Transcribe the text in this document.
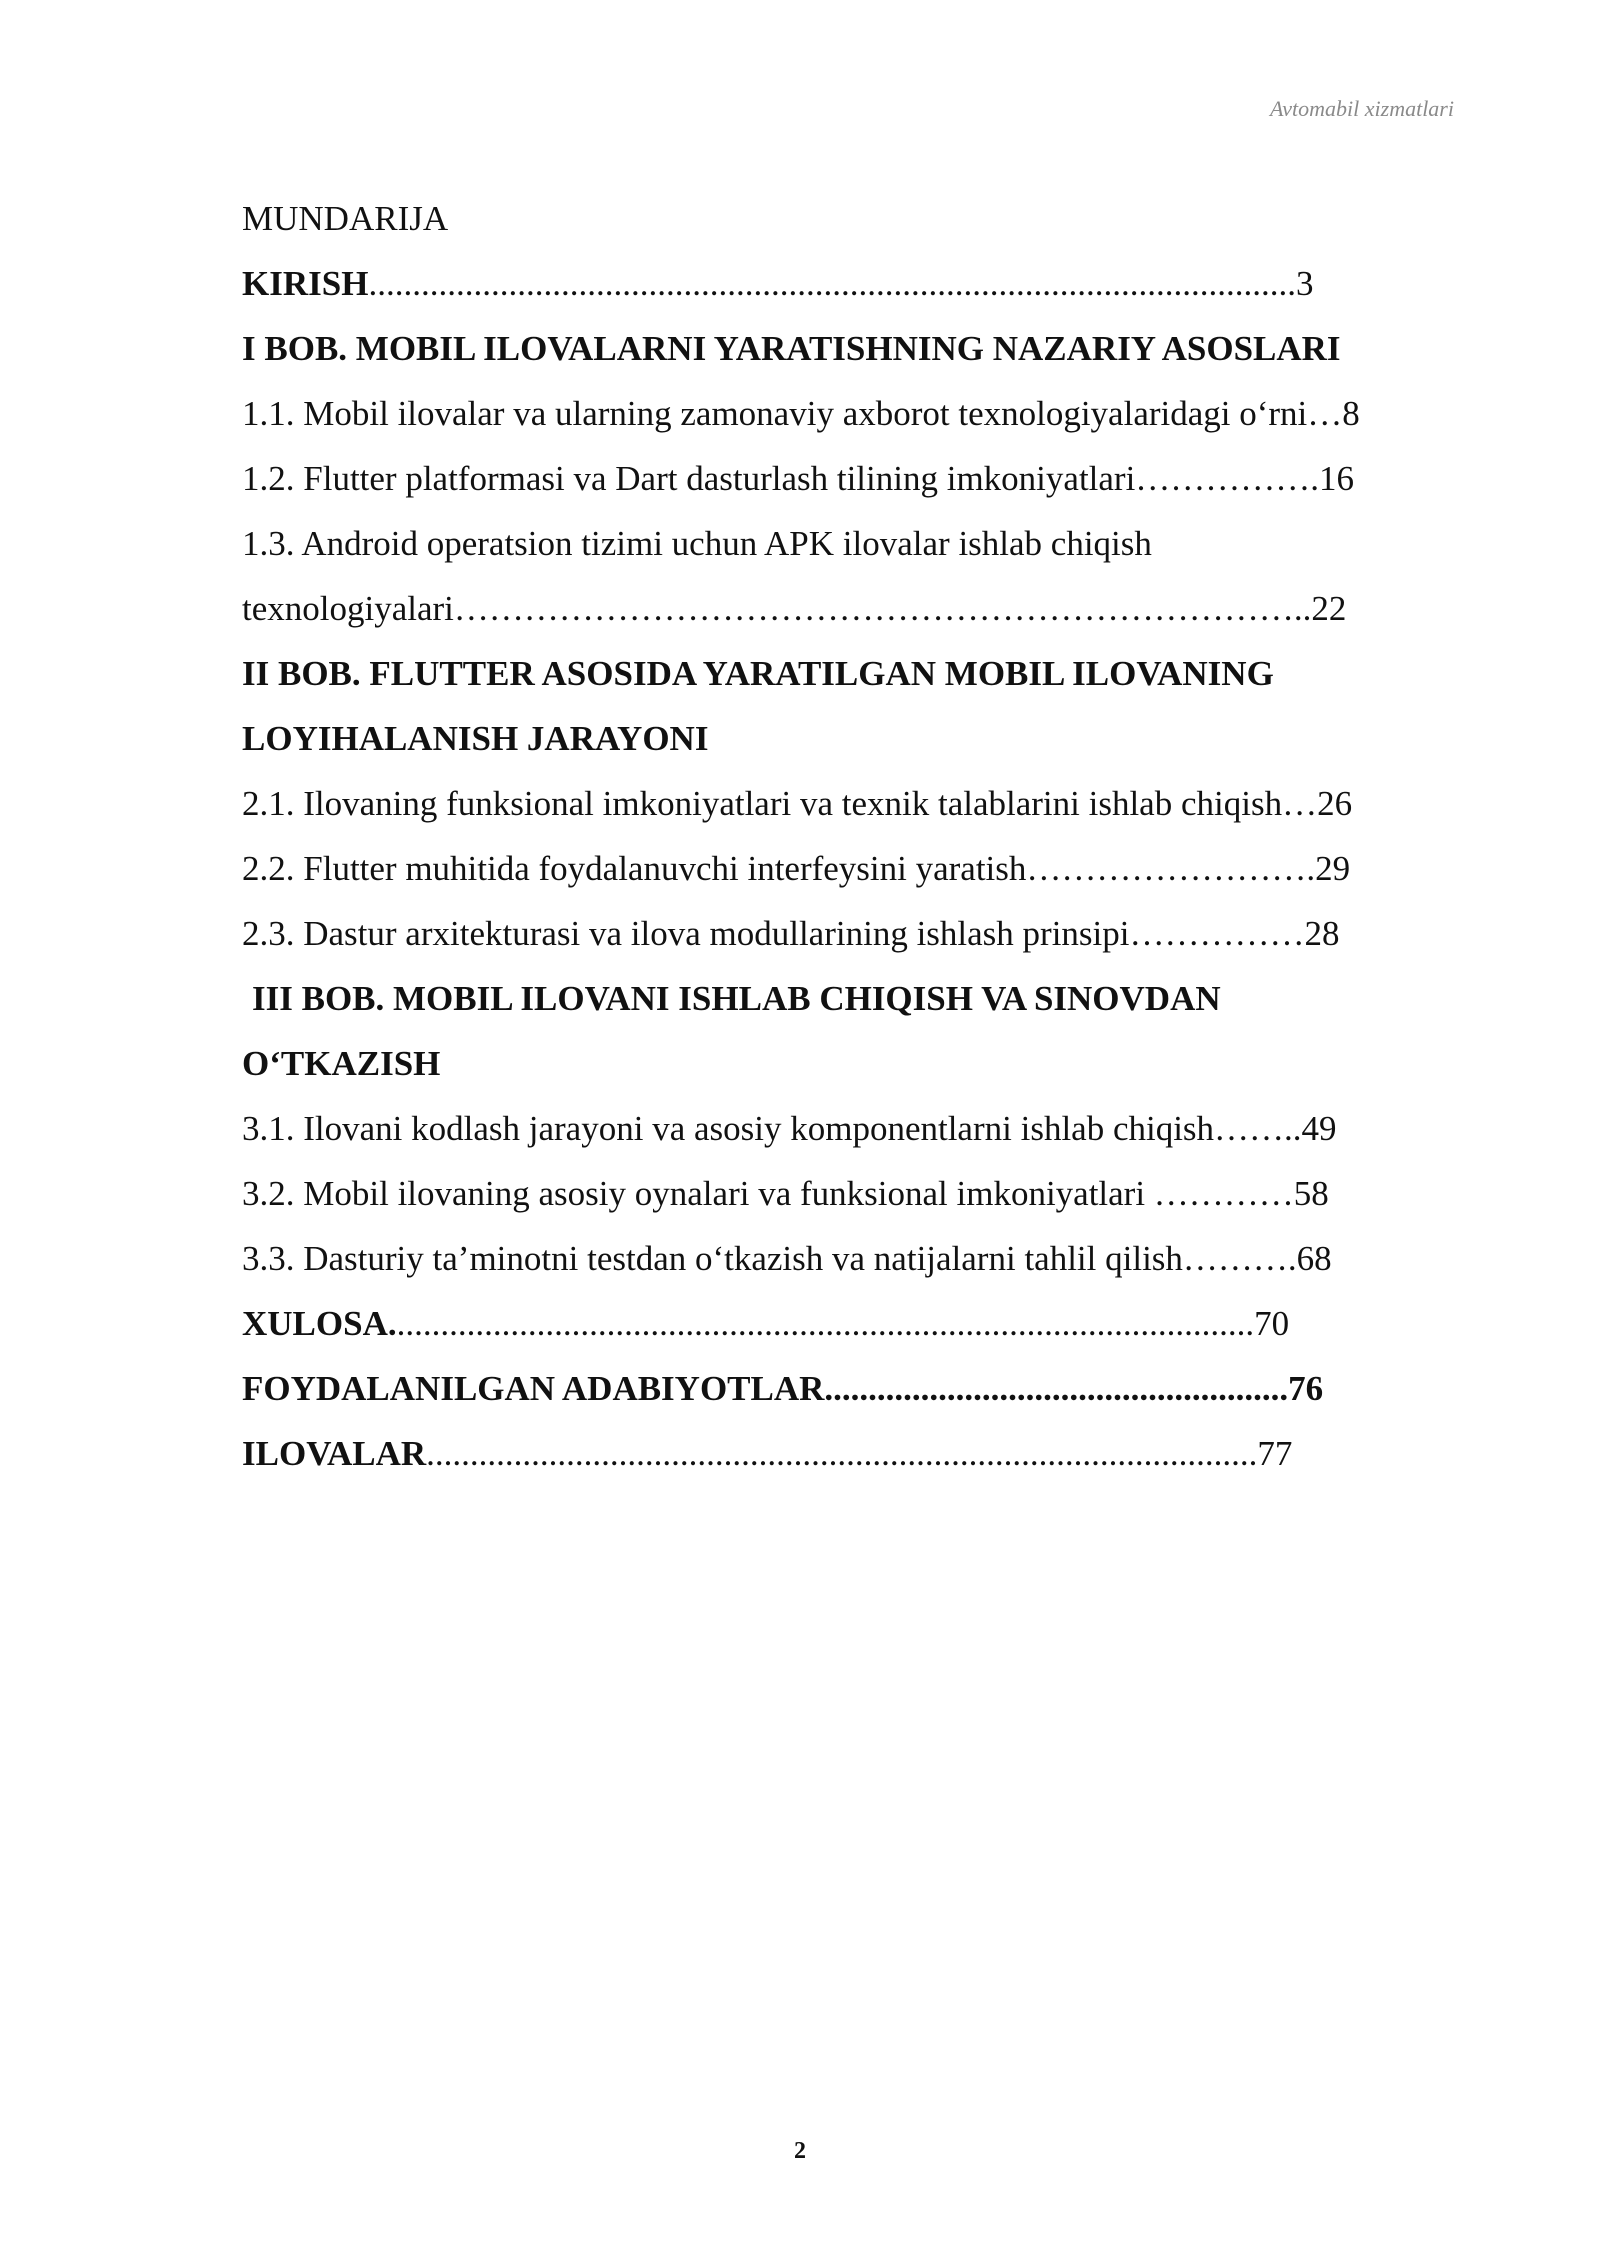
Avtomabil xizmatlari
MUNDARIJA
KIRISH..........................................................................................................3
I BOB. MOBIL ILOVALARNI YARATISHNING NAZARIY ASOSLARI
1.1. Mobil ilovalar va ularning zamonaviy axborot texnologiyalaridagi o‘rni…8
1.2. Flutter platformasi va Dart dasturlash tilining imkoniyatlari…………….16
1.3. Android operatsion tizimi uchun APK ilovalar ishlab chiqish
texnologiyalari………………………………………………………………..22
II BOB. FLUTTER ASOSIDA YARATILGAN MOBIL ILOVANING
LOYIHALANISH JARAYONI
2.1. Ilovaning funksional imkoniyatlari va texnik talablarini ishlab chiqish…26
2.2. Flutter muhitida foydalanuvchi interfeysini yaratish…………………….29
2.3. Dastur arxitekturasi va ilova modullarining ishlash prinsipi……………28
III BOB. MOBIL ILOVANI ISHLAB CHIQISH VA SINOVDAN
O‘TKAZISH
3.1. Ilovani kodlash jarayoni va asosiy komponentlarni ishlab chiqish……..49
3.2. Mobil ilovaning asosiy oynalari va funksional imkoniyatlari …………58
3.3. Dasturiy ta’minotni testdan o‘tkazish va natijalarni tahlil qilish……….68
XULOSA...................................................................................................70
FOYDALANILGAN ADABIYOTLAR.....................................................76
ILOVALAR...............................................................................................77
2
